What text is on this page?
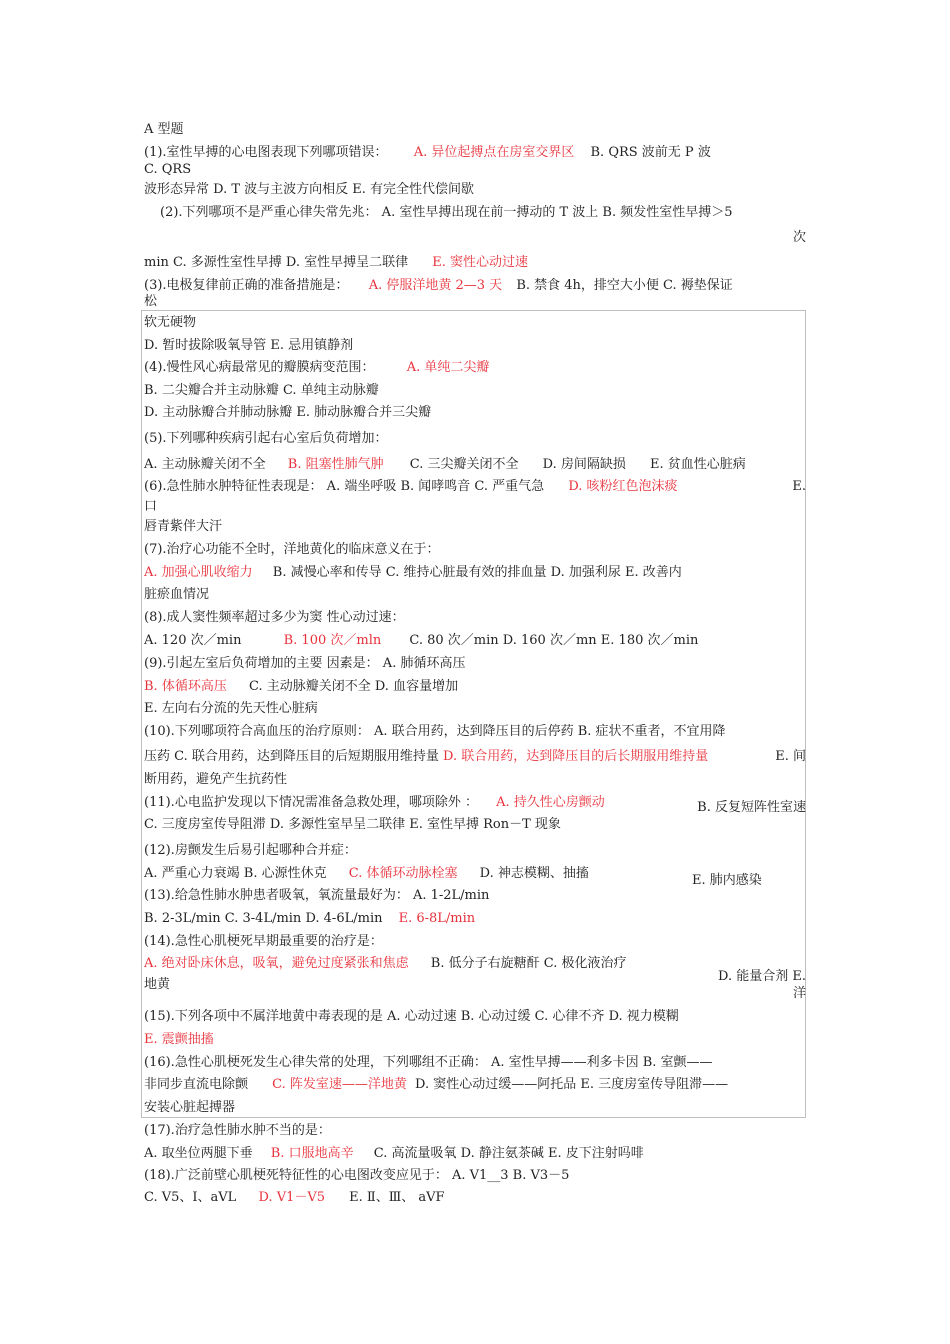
A 型题
(1).室性早搏的心电图表现下列哪项错误： A. 异位起搏点在房室交界区 B. QRS 波前无 P 波
C. QRS
波形态异常 D. T 波与主波方向相反 E. 有完全性代偿间歇
(2).下列哪项不是严重心律失常先兆： A. 室性早搏出现在前一搏动的 T 波上 B. 频发性室性早搏＞5
次
min C. 多源性室性早搏 D. 室性早搏呈二联律 E. 窦性心动过速
(3).电极复律前正确的准备措施是： A. 停服洋地黄 2—3 天 B. 禁食 4h，排空大小便 C. 褥垫保证
松
软无硬物
D. 暂时拔除吸氧导管 E. 忌用镇静剂
(4).慢性风心病最常见的瓣膜病变范围： A. 单纯二尖瓣
B. 二尖瓣合并主动脉瓣 C. 单纯主动脉瓣
D. 主动脉瓣合并肺动脉瓣 E. 肺动脉瓣合并三尖瓣
(5).下列哪种疾病引起右心室后负荷增加：
A. 主动脉瓣关闭不全 B. 阻塞性肺气肿 C. 三尖瓣关闭不全 D. 房间隔缺损 E. 贫血性心脏病
(6).急性肺水肿特征性表现是： A. 端坐呼吸 B. 闻哮鸣音 C. 严重气急 D. 咳粉红色泡沫痰	E.
口
唇青紫伴大汗
(7).治疗心功能不全时，洋地黄化的临床意义在于：
A. 加强心肌收缩力 B. 减慢心率和传导 C. 维持心脏最有效的排血量 D. 加强利尿 E. 改善内
脏瘀血情况
(8).成人窦性频率超过多少为窦 性心动过速：
A. 120 次／min	B. 100 次／mln C. 80 次／min D. 160 次／mn E. 180 次／min
(9).引起左室后负荷增加的主要 因素是： A. 肺循环高压
B. 体循环高压 C. 主动脉瓣关闭不全 D. 血容量增加
E. 左向右分流的先天性心脏病
(10).下列哪项符合高血压的治疗原则： A. 联合用药，达到降压目的后停药 B. 症状不重者，不宜用降
压药 C. 联合用药，达到降压目的后短期服用维持量 D. 联合用药，达到降压目的后长期服用维持量	E. 间
断用药，避免产生抗药性
(11).心电监护发现以下情况需准备急救处理，哪项除外 ： A. 持久性心房颤动	B. 反复短阵性室速
C. 三度房室传导阻滞 D. 多源性室早呈二联律 E. 室性早搏 Ron－T 现象
(12).房颤发生后易引起哪种合并症：
A. 严重心力衰竭 B. 心源性休克 C. 体循环动脉栓塞 D. 神志模糊、抽搐	E. 肺内感染
(13).给急性肺水肿患者吸氧，氧流量最好为： A. 1-2L/min
B. 2-3L/min C. 3-4L/min D. 4-6L/min E. 6-8L/min
(14).急性心肌梗死早期最重要的治疗是：
A. 绝对卧床休息，吸氧，避免过度紧张和焦虑 B. 低分子右旋糖酐 C. 极化液治疗
D. 能量合剂 E.
洋
地黄
(15).下列各项中不属洋地黄中毒表现的是 A. 心动过速 B. 心动过缓 C. 心律不齐 D. 视力模糊
E. 震颤抽搐
(16).急性心肌梗死发生心律失常的处理，下列哪组不正确： A. 室性早搏——利多卡因 B. 室颤——
非同步直流电除颤 C. 阵发室速——洋地黄 D. 窦性心动过缓——阿托品 E. 三度房室传导阻滞——
安装心脏起搏器
(17).治疗急性肺水肿不当的是：
A. 取坐位两腿下垂 B. 口服地高辛 C. 高流量吸氧 D. 静注氨茶碱 E. 皮下注射吗啡
(18).广泛前壁心肌梗死特征性的心电图改变应见于： A. V1__3 B. V3－5
C. V5、I、aVL D. V1－V5 E. Ⅱ、Ⅲ、 aVF
